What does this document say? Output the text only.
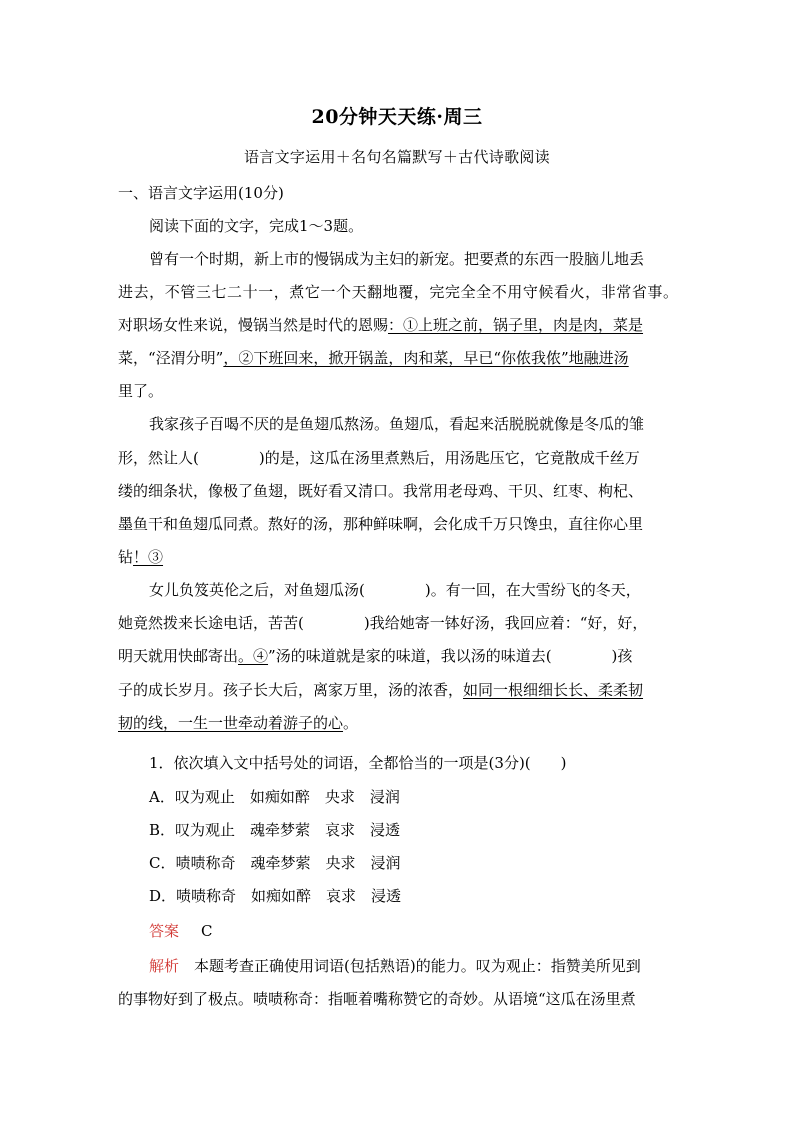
20分钟天天练·周三
语言文字运用＋名句名篇默写＋古代诗歌阅读
一、语言文字运用(10分)
阅读下面的文字，完成1～3题。
曾有一个时期，新上市的慢锅成为主妇的新宠。把要煮的东西一股脑儿地丢
进去，不管三七二十一，煮它一个天翻地覆，完完全全不用守候看火，非常省事。
对职场女性来说，慢锅当然是时代的恩赐：①上班之前，锅子里，肉是肉，菜是
菜，“泾渭分明”，②下班回来，掀开锅盖，肉和菜，早已“你侬我侬”地融进汤
里了。
我家孩子百喝不厌的是鱼翅瓜熬汤。鱼翅瓜，看起来活脱脱就像是冬瓜的雏
形，然让人(　　　　)的是，这瓜在汤里煮熟后，用汤匙压它，它竟散成千丝万
缕的细条状，像极了鱼翅，既好看又清口。我常用老母鸡、干贝、红枣、枸杞、
墨鱼干和鱼翅瓜同煮。熬好的汤，那种鲜味啊，会化成千万只馋虫，直往你心里
钻！③
女儿负笈英伦之后，对鱼翅瓜汤(　　　　)。有一回，在大雪纷飞的冬天，
她竟然拨来长途电话，苦苦(　　　　)我给她寄一钵好汤，我回应着：“好，好，
明天就用快邮寄出。④”汤的味道就是家的味道，我以汤的味道去(　　　　)孩
子的成长岁月。孩子长大后，离家万里，汤的浓香，如同一根细细长长、柔柔韧
韧的线，一生一世牵动着游子的心。
1．依次填入文中括号处的词语，全都恰当的一项是(3分)(　　)
A．叹为观止　如痴如醉　央求　浸润
B．叹为观止　魂牵梦萦　哀求　浸透
C．啧啧称奇　魂牵梦萦　央求　浸润
D．啧啧称奇　如痴如醉　哀求　浸透
答案 C
解析 本题考查正确使用词语(包括熟语)的能力。叹为观止：指赞美所见到
的事物好到了极点。啧啧称奇：指咂着嘴称赞它的奇妙。从语境“这瓜在汤里煮
